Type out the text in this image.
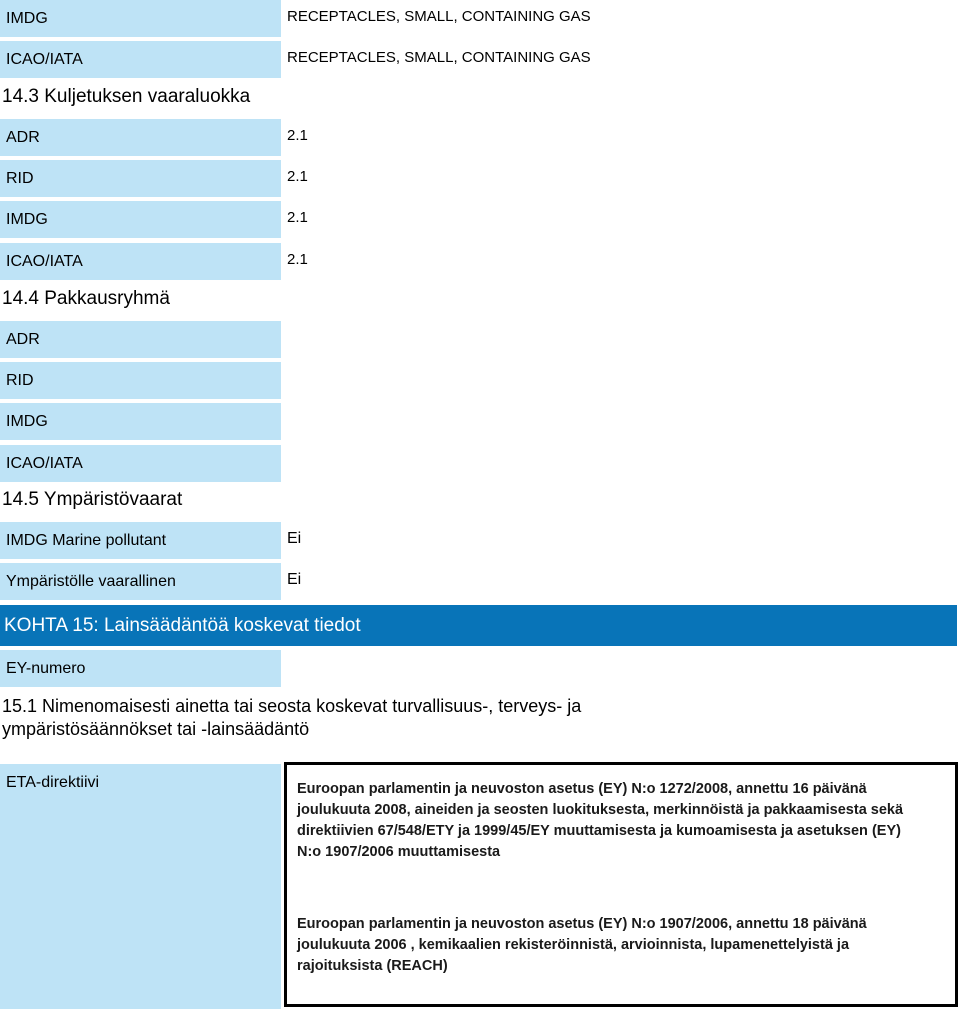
IMDG	RECEPTACLES, SMALL, CONTAINING GAS
ICAO/IATA	RECEPTACLES, SMALL, CONTAINING GAS
14.3 Kuljetuksen vaaraluokka
ADR	2.1
RID	2.1
IMDG	2.1
ICAO/IATA	2.1
14.4 Pakkausryhmä
ADR
RID
IMDG
ICAO/IATA
14.5 Ympäristövaarat
IMDG Marine pollutant	Ei
Ympäristölle vaarallinen	Ei
KOHTA 15: Lainsäädäntöä koskevat tiedot
EY-numero
15.1 Nimenomaisesti ainetta tai seosta koskevat turvallisuus-, terveys- ja
ympäristösäännökset tai -lainsäädäntö
ETA-direktiivi	Euroopan parlamentin ja neuvoston asetus (EY) N:o 1272/2008, annettu 16 päivänä joulukuuta 2008, aineiden ja seosten luokituksesta, merkinnöistä ja pakkaamisesta sekä direktiivien 67/548/ETY ja 1999/45/EY muuttamisesta ja kumoamisesta ja asetuksen (EY) N:o 1907/2006 muuttamisesta
Euroopan parlamentin ja neuvoston asetus (EY) N:o 1907/2006, annettu 18 päivänä joulukuuta 2006 , kemikaalien rekisteröinnistä, arvioinnista, lupamenettelyistä ja rajoituksista (REACH)
